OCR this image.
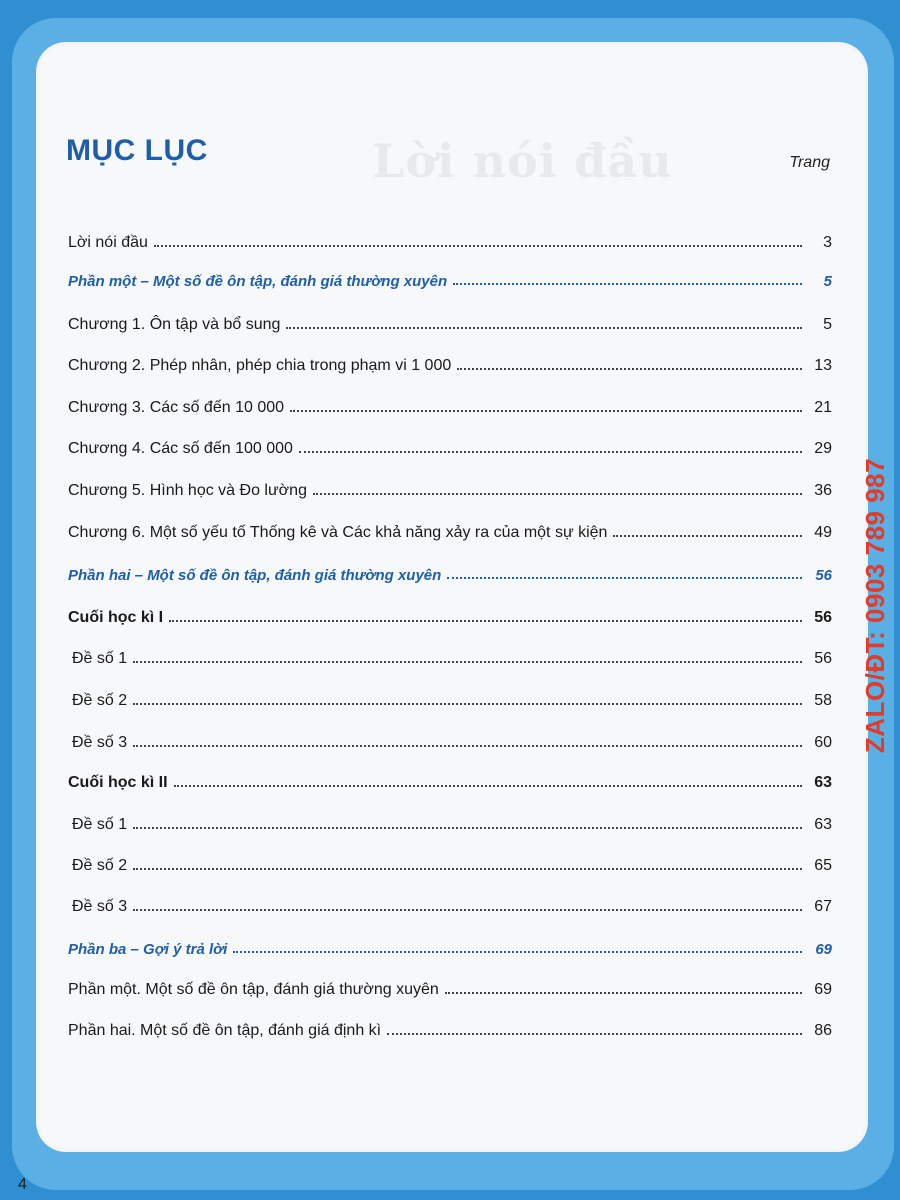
Lời nói đầu
MỤC LỤC	Trang
Lời nói đầu	3
Phần một – Một số đề ôn tập, đánh giá thường xuyên	5
Chương 1. Ôn tập và bổ sung	5
Chương 2. Phép nhân, phép chia trong phạm vi 1 000	13
Chương 3. Các số đến 10 000	21
Chương 4. Các số đến 100 000	29
Chương 5. Hình học và Đo lường	36
Chương 6. Một số yếu tố Thống kê và Các khả năng xảy ra của một sự kiện	49
Phần hai – Một số đề ôn tập, đánh giá thường xuyên	56
Cuối học kì I	56
Đề số 1	56
Đề số 2	58
Đề số 3	60
Cuối học kì II	63
Đề số 1	63
Đề số 2	65
Đề số 3	67
Phần ba – Gợi ý trả lời	69
Phần một. Một số đề ôn tập, đánh giá thường xuyên	69
Phần hai. Một số đề ôn tập, đánh giá định kì	86
ZALO/ĐT: 0903 789 987
4
